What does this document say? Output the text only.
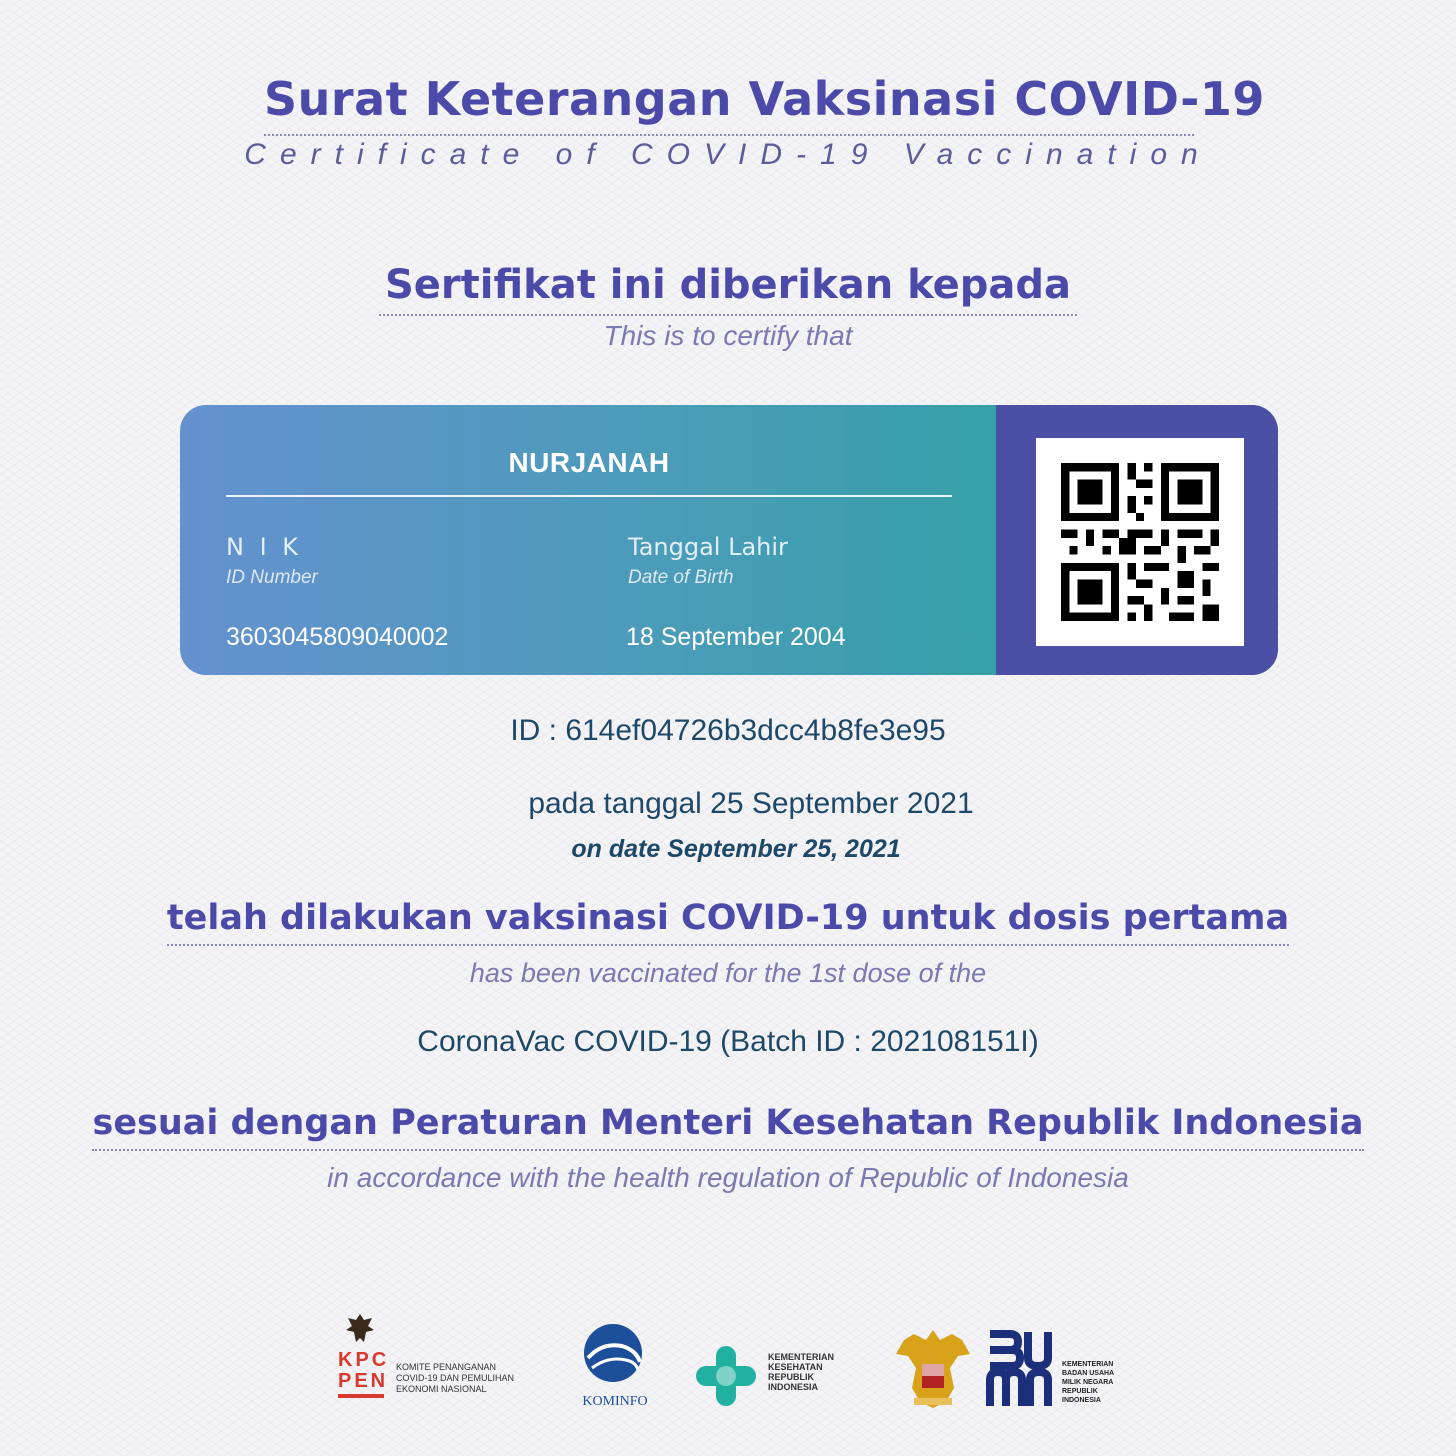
Surat Keterangan Vaksinasi COVID-19
Certificate of COVID-19 Vaccination
Sertifikat ini diberikan kepada
This is to certify that
NURJANAH
N I K
ID Number
3603045809040002
Tanggal Lahir
Date of Birth
18 September 2004
ID : 614ef04726b3dcc4b8fe3e95
pada tanggal 25 September 2021
on date September 25, 2021
telah dilakukan vaksinasi COVID-19 untuk dosis pertama
has been vaccinated for the 1st dose of the
CoronaVac COVID-19 (Batch ID : 202108151I)
sesuai dengan Peraturan Menteri Kesehatan Republik Indonesia
in accordance with the health regulation of Republic of Indonesia
KPC
PEN
KOMITE PENANGANAN
COVID-19 DAN PEMULIHAN
EKONOMI NASIONAL
KOMINFO
KEMENTERIAN
KESEHATAN
REPUBLIK
INDONESIA
KEMENTERIAN
BADAN USAHA
MILIK NEGARA
REPUBLIK
INDONESIA
